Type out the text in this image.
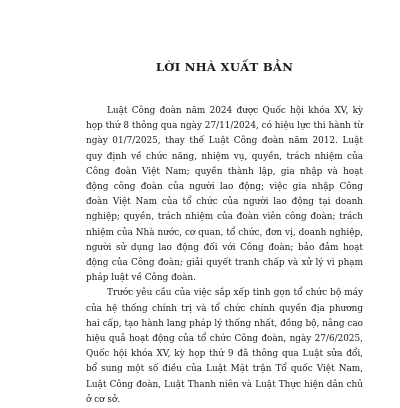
LỜI NHÀ XUẤT BẢN

Luật Công đoàn năm 2024 được Quốc hội khóa XV, kỳ họp thứ 8 thông qua ngày 27/11/2024, có hiệu lực thi hành từ ngày 01/7/2025, thay thế Luật Công đoàn năm 2012. Luật quy định về chức năng, nhiệm vụ, quyền, trách nhiệm của Công đoàn Việt Nam; quyền thành lập, gia nhập và hoạt động công đoàn của người lao động; việc gia nhập Công đoàn Việt Nam của tổ chức của người lao động tại doanh nghiệp; quyền, trách nhiệm của đoàn viên công đoàn; trách nhiệm của Nhà nước, cơ quan, tổ chức, đơn vị, doanh nghiệp, người sử dụng lao động đối với Công đoàn; bảo đảm hoạt động của Công đoàn; giải quyết tranh chấp và xử lý vi phạm pháp luật về Công đoàn.

Trước yêu cầu của việc sắp xếp tinh gọn tổ chức bộ máy của hệ thống chính trị và tổ chức chính quyền địa phương hai cấp, tạo hành lang pháp lý thống nhất, đồng bộ, nâng cao hiệu quả hoạt động của tổ chức Công đoàn, ngày 27/6/2025, Quốc hội khóa XV, kỳ họp thứ 9 đã thông qua Luật sửa đổi, bổ sung một số điều của Luật Mặt trận Tổ quốc Việt Nam, Luật Công đoàn, Luật Thanh niên và Luật Thực hiện dân chủ ở cơ sở.
